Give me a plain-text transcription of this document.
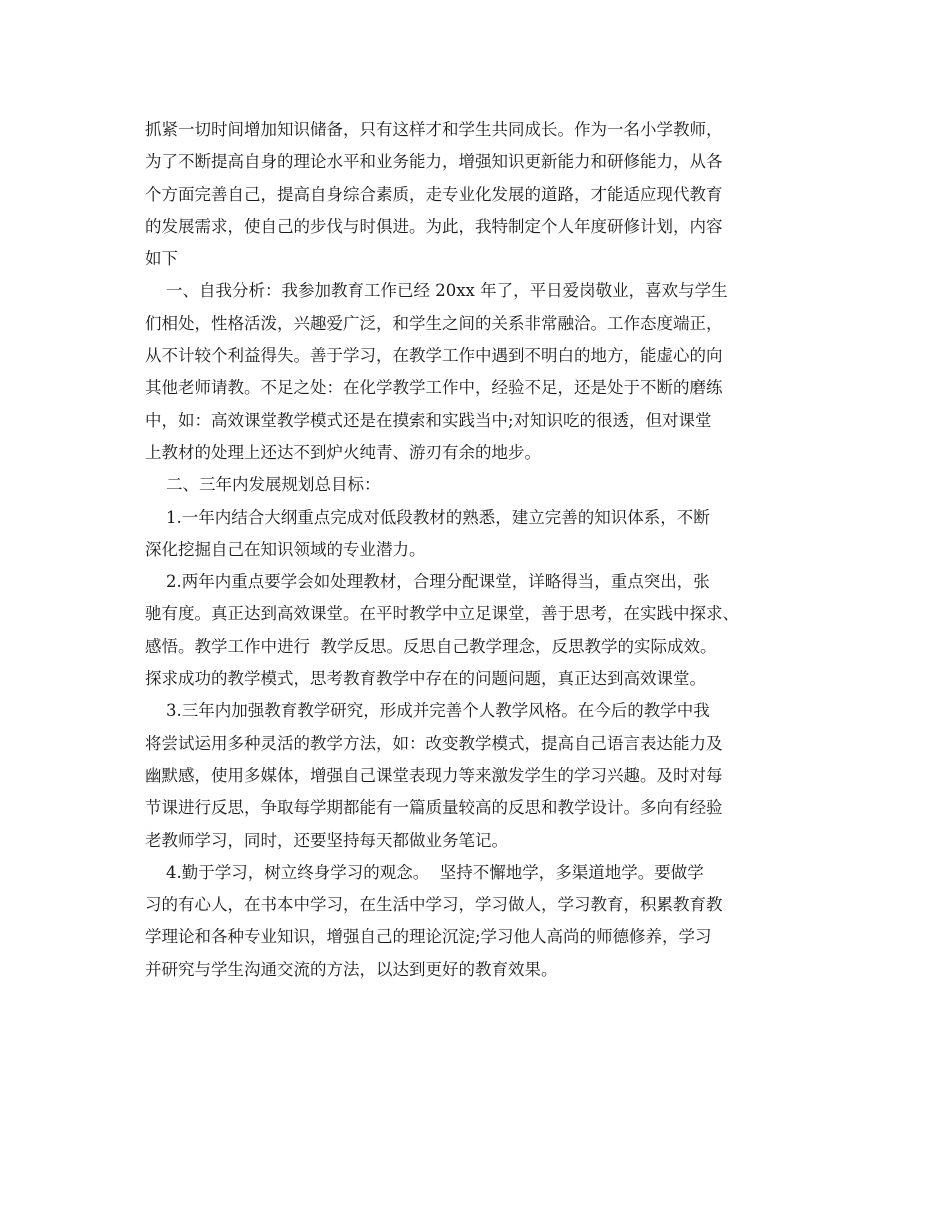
抓紧一切时间增加知识储备，只有这样才和学生共同成长。作为一名小学教师，
为了不断提高自身的理论水平和业务能力，增强知识更新能力和研修能力，从各
个方面完善自己，提高自身综合素质，走专业化发展的道路，才能适应现代教育
的发展需求，使自己的步伐与时俱进。为此，我特制定个人年度研修计划，内容
如下
一、自我分析：我参加教育工作已经 20xx 年了，平日爱岗敬业，喜欢与学生
们相处，性格活泼，兴趣爱广泛，和学生之间的关系非常融洽。工作态度端正，
从不计较个利益得失。善于学习，在教学工作中遇到不明白的地方，能虚心的向
其他老师请教。不足之处：在化学教学工作中，经验不足，还是处于不断的磨练
中，如：高效课堂教学模式还是在摸索和实践当中;对知识吃的很透，但对课堂
上教材的处理上还达不到炉火纯青、游刃有余的地步。
二、三年内发展规划总目标：
1.一年内结合大纲重点完成对低段教材的熟悉，建立完善的知识体系，不断
深化挖掘自己在知识领域的专业潜力。
2.两年内重点要学会如处理教材，合理分配课堂，详略得当，重点突出，张
驰有度。真正达到高效课堂。在平时教学中立足课堂，善于思考，在实践中探求、
感悟。教学工作中进行  教学反思。反思自己教学理念，反思教学的实际成效。
探求成功的教学模式，思考教育教学中存在的问题问题，真正达到高效课堂。
3.三年内加强教育教学研究，形成并完善个人教学风格。在今后的教学中我
将尝试运用多种灵活的教学方法，如：改变教学模式，提高自己语言表达能力及
幽默感，使用多媒体，增强自己课堂表现力等来激发学生的学习兴趣。及时对每
节课进行反思，争取每学期都能有一篇质量较高的反思和教学设计。多向有经验
老教师学习，同时，还要坚持每天都做业务笔记。
4.勤于学习，树立终身学习的观念。  坚持不懈地学，多渠道地学。要做学
习的有心人，在书本中学习，在生活中学习，学习做人，学习教育，积累教育教
学理论和各种专业知识，增强自己的理论沉淀;学习他人高尚的师德修养，学习
并研究与学生沟通交流的方法，以达到更好的教育效果。
